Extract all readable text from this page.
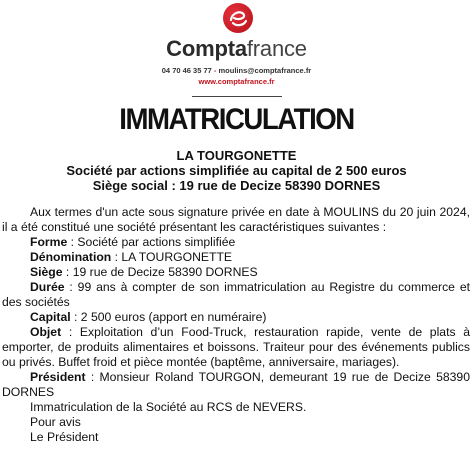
Comptafrance
04 70 46 35 77 - moulins@comptafrance.fr
www.comptafrance.fr
IMMATRICULATION
LA TOURGONETTE
Société par actions simplifiée au capital de 2 500 euros
Siège social : 19 rue de Decize 58390 DORNES

Aux termes d'un acte sous signature privée en date à MOULINS du 20 juin 2024, il a été constitué une société présentant les caractéristiques suivantes :

Forme : Société par actions simplifiée

Dénomination : LA TOURGONETTE

Siège : 19 rue de Decize 58390 DORNES

Durée : 99 ans à compter de son immatriculation au Registre du commerce et des sociétés

Capital : 2 500 euros (apport en numéraire)

Objet : Exploitation d’un Food-Truck, restauration rapide, vente de plats à emporter, de produits alimentaires et boissons. Traiteur pour des événements publics ou privés. Buffet froid et pièce montée (baptême, anniversaire, mariages).

Président : Monsieur Roland TOURGON, demeurant 19 rue de Decize 58390 DORNES

Immatriculation de la Société au RCS de NEVERS.

Pour avis

Le Président
